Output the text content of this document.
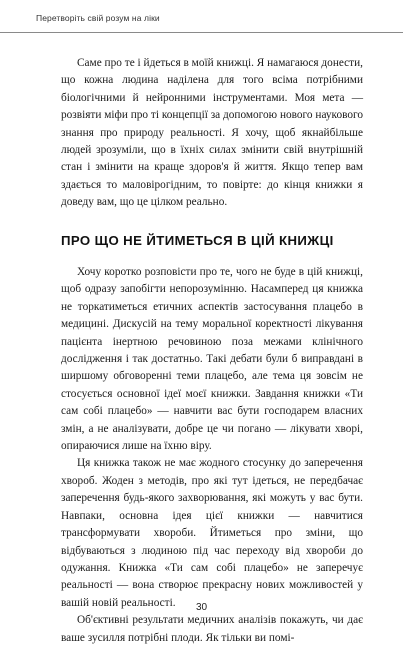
Перетворіть свій розум на ліки

Саме про те і йдеться в моїй книжці. Я намагаюся донести, що кожна людина наділена для того всіма потрібними біологічними й нейронними інструментами. Моя мета — розвіяти міфи про ті концепції за допомогою нового наукового знання про природу реальності. Я хочу, щоб якнайбільше людей зрозуміли, що в їхніх силах змінити свій внутрішній стан і змінити на краще здоров'я й життя. Якщо тепер вам здається то маловірогідним, то повірте: до кінця книжки я доведу вам, що це цілком реально.

ПРО ЩО НЕ ЙТИМЕТЬСЯ В ЦІЙ КНИЖЦІ

Хочу коротко розповісти про те, чого не буде в цій книжці, щоб одразу запобігти непорозумінню. Насамперед ця книжка не торкатиметься етичних аспектів застосування плацебо в медицині. Дискусій на тему моральної коректності лікування пацієнта інертною речовиною поза межами клінічного дослідження і так достатньо. Такі дебати були б виправдані в ширшому обговоренні теми плацебо, але тема ця зовсім не стосується основної ідеї моєї книжки. Завдання книжки «Ти сам собі плацебо» — навчити вас бути господарем власних змін, а не аналізувати, добре це чи погано — лікувати хворі, опираючися лише на їхню віру.

Ця книжка також не має жодного стосунку до заперечення хвороб. Жоден з методів, про які тут ідеться, не передбачає заперечення будь-якого захворювання, які можуть у вас бути. Навпаки, основна ідея цієї книжки — навчитися трансформувати хвороби. Йтиметься про зміни, що відбуваються з людиною під час переходу від хвороби до одужання. Книжка «Ти сам собі плацебо» не заперечує реальності — вона створює прекрасну нових можливостей у вашій новій реальності.

Об'єктивні результати медичних аналізів покажуть, чи дає ваше зусилля потрібні плоди. Як тільки ви помі-

30
